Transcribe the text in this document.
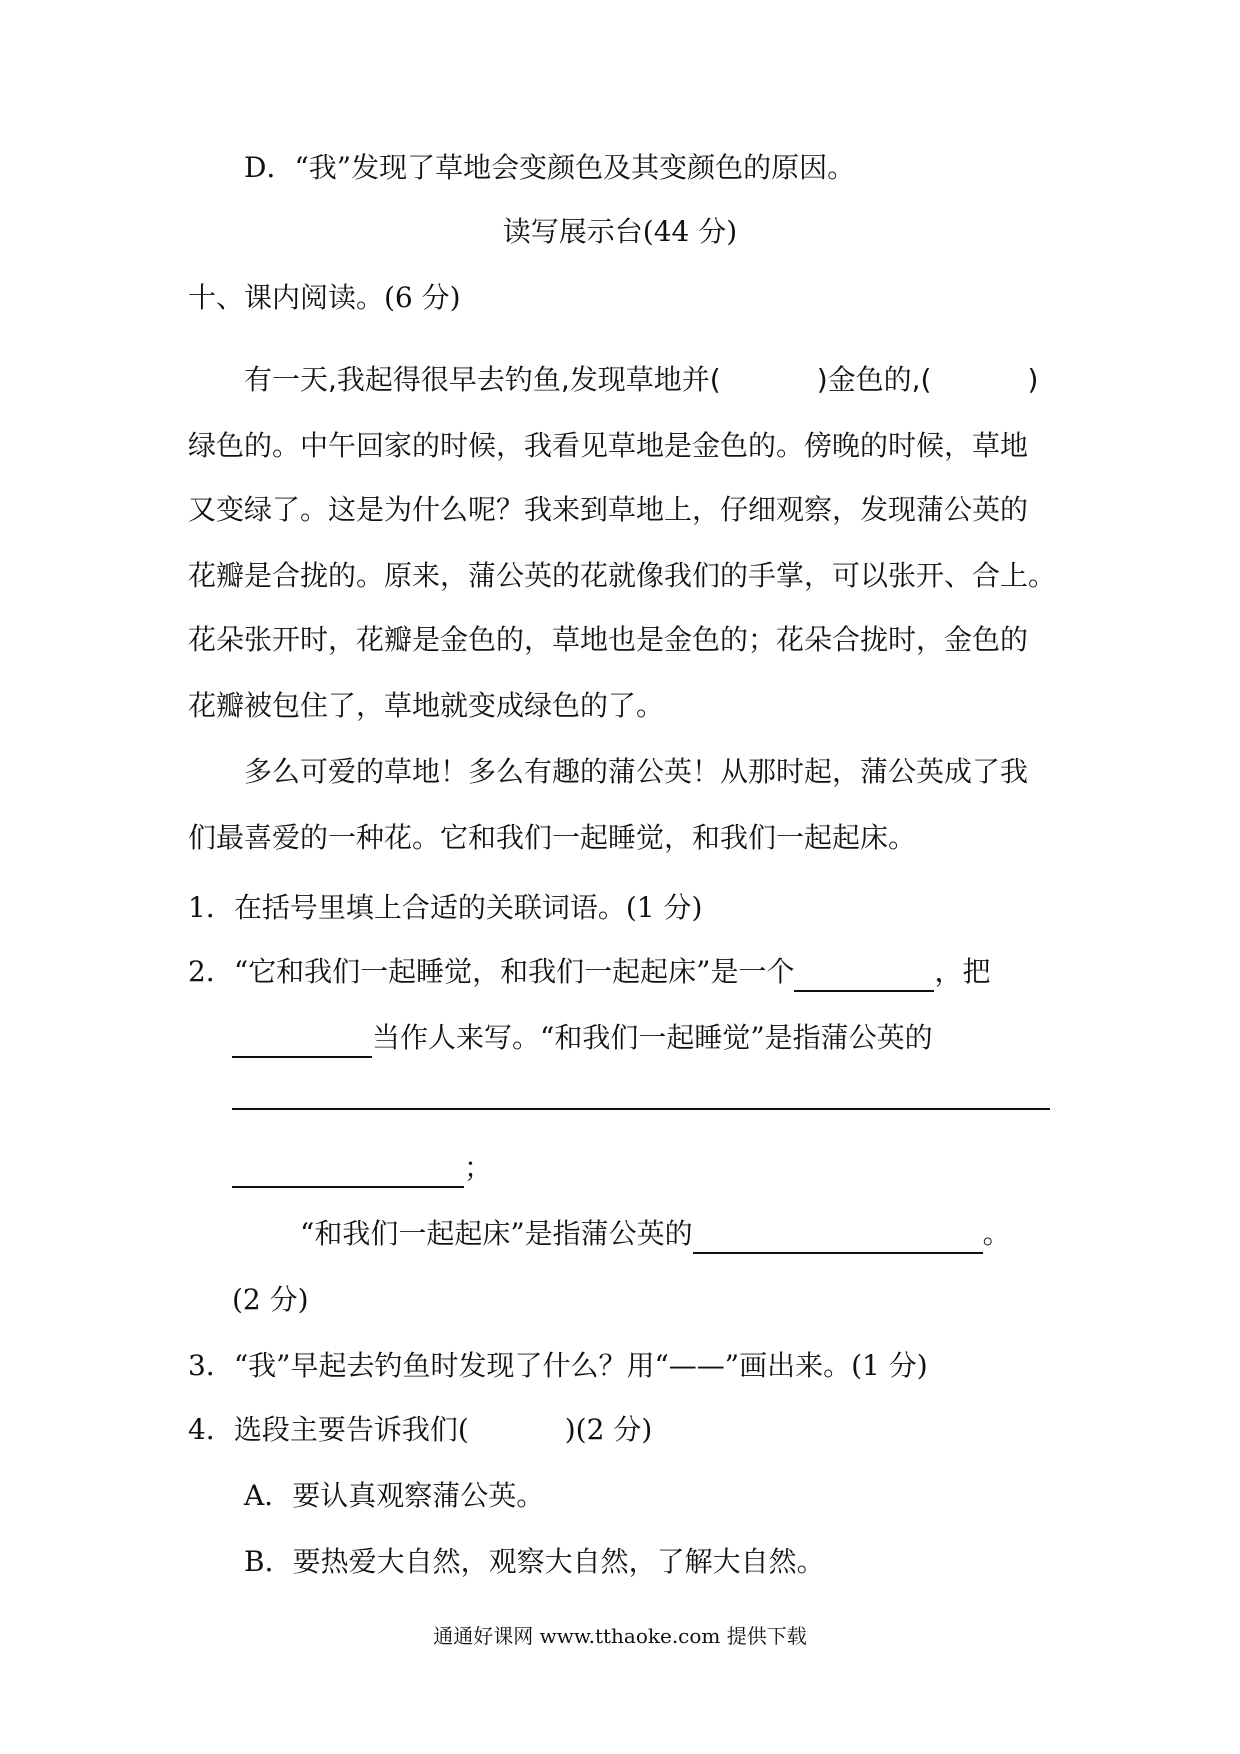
D．“我”发现了草地会变颜色及其变颜色的原因。
读写展示台(44 分)
十、课内阅读。(6 分)
有一天,我起得很早去钓鱼,发现草地并(	)金色的,(	)
绿色的。中午回家的时候，我看见草地是金色的。傍晚的时候，草地
又变绿了。这是为什么呢？我来到草地上，仔细观察，发现蒲公英的
花瓣是合拢的。原来，蒲公英的花就像我们的手掌，可以张开、合上。
花朵张开时，花瓣是金色的，草地也是金色的；花朵合拢时，金色的
花瓣被包住了，草地就变成绿色的了。
多么可爱的草地！多么有趣的蒲公英！从那时起，蒲公英成了我
们最喜爱的一种花。它和我们一起睡觉，和我们一起起床。
1．在括号里填上合适的关联词语。(1 分)
2．“它和我们一起睡觉，和我们一起起床”是一个	，把
当作人来写。“和我们一起睡觉”是指蒲公英的
；
“和我们一起起床”是指蒲公英的	。
(2 分)
3．“我”早起去钓鱼时发现了什么？用“——”画出来。(1 分)
4．选段主要告诉我们(	)(2 分)
A．要认真观察蒲公英。
B．要热爱大自然，观察大自然，了解大自然。
通通好课网 www.tthaoke.com 提供下载
